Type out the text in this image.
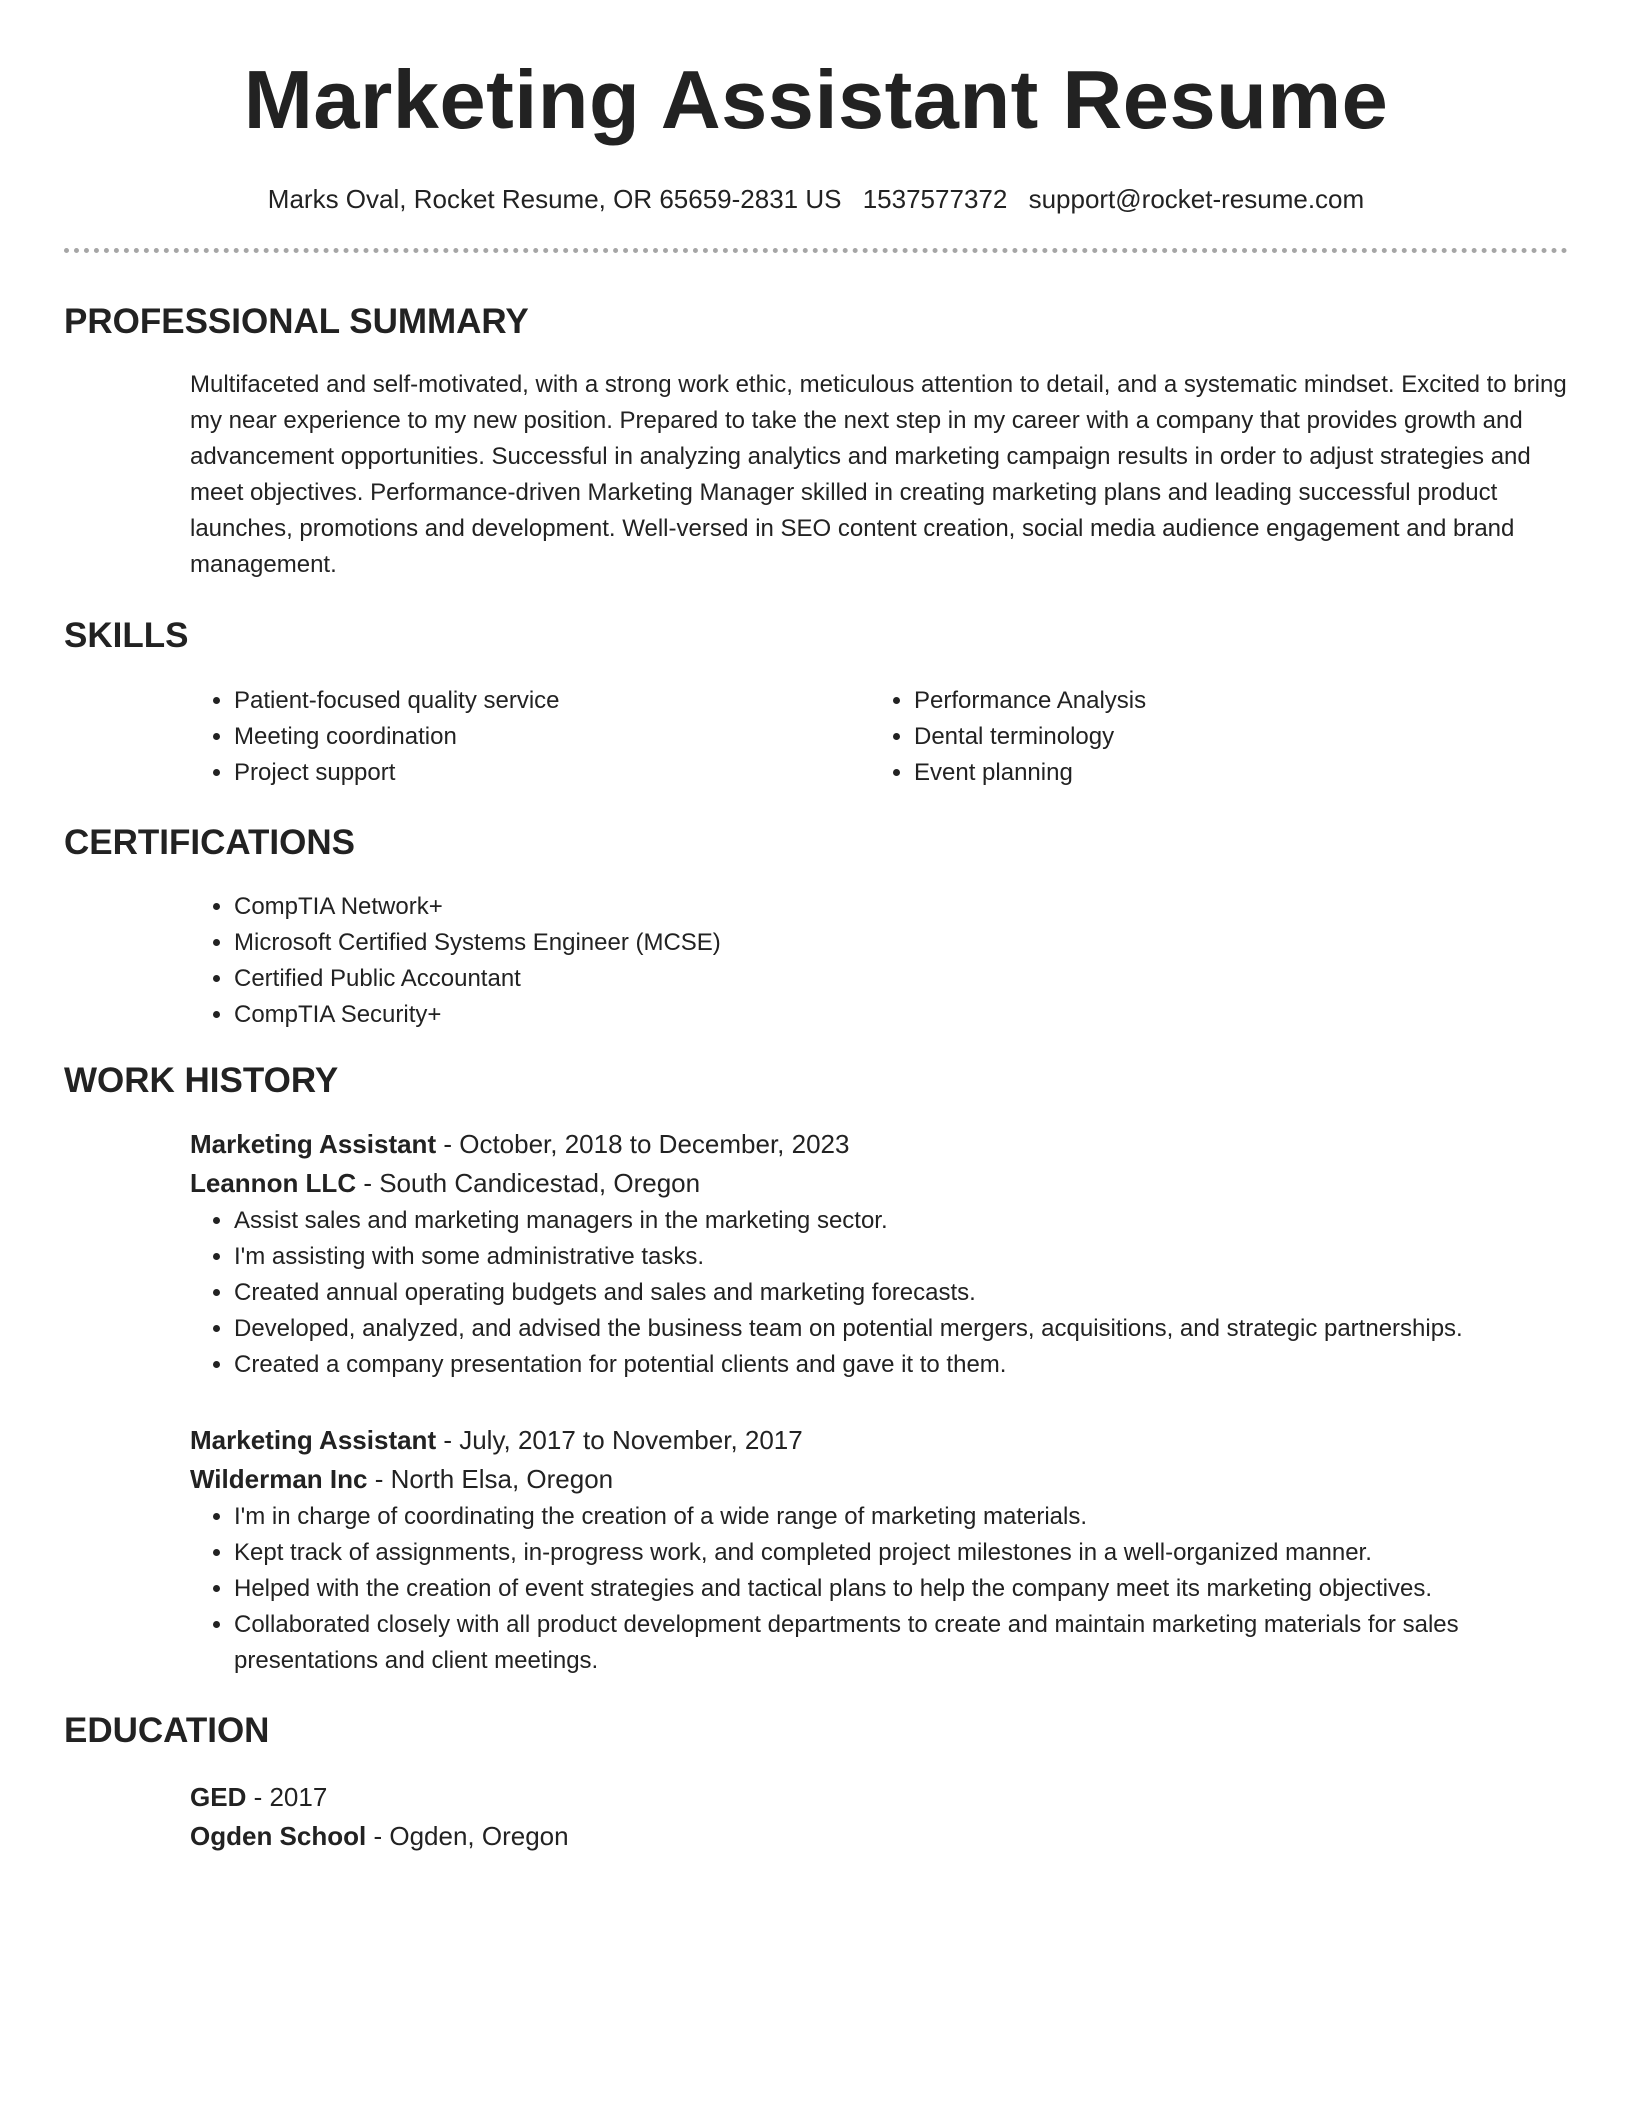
Marketing Assistant Resume
Marks Oval, Rocket Resume, OR 65659-2831 US 1537577372 support@rocket-resume.com
PROFESSIONAL SUMMARY
Multifaceted and self-motivated, with a strong work ethic, meticulous attention to detail, and a systematic mindset. Excited to bring my near experience to my new position. Prepared to take the next step in my career with a company that provides growth and advancement opportunities. Successful in analyzing analytics and marketing campaign results in order to adjust strategies and meet objectives. Performance-driven Marketing Manager skilled in creating marketing plans and leading successful product launches, promotions and development. Well-versed in SEO content creation, social media audience engagement and brand management.
SKILLS
• Patient-focused quality service
• Meeting coordination
• Project support
• Performance Analysis
• Dental terminology
• Event planning
CERTIFICATIONS
• CompTIA Network+
• Microsoft Certified Systems Engineer (MCSE)
• Certified Public Accountant
• CompTIA Security+
WORK HISTORY
Marketing Assistant - October, 2018 to December, 2023
Leannon LLC - South Candicestad, Oregon
• Assist sales and marketing managers in the marketing sector.
• I'm assisting with some administrative tasks.
• Created annual operating budgets and sales and marketing forecasts.
• Developed, analyzed, and advised the business team on potential mergers, acquisitions, and strategic partnerships.
• Created a company presentation for potential clients and gave it to them.
Marketing Assistant - July, 2017 to November, 2017
Wilderman Inc - North Elsa, Oregon
• I'm in charge of coordinating the creation of a wide range of marketing materials.
• Kept track of assignments, in-progress work, and completed project milestones in a well-organized manner.
• Helped with the creation of event strategies and tactical plans to help the company meet its marketing objectives.
• Collaborated closely with all product development departments to create and maintain marketing materials for sales presentations and client meetings.
EDUCATION
GED - 2017
Ogden School - Ogden, Oregon
